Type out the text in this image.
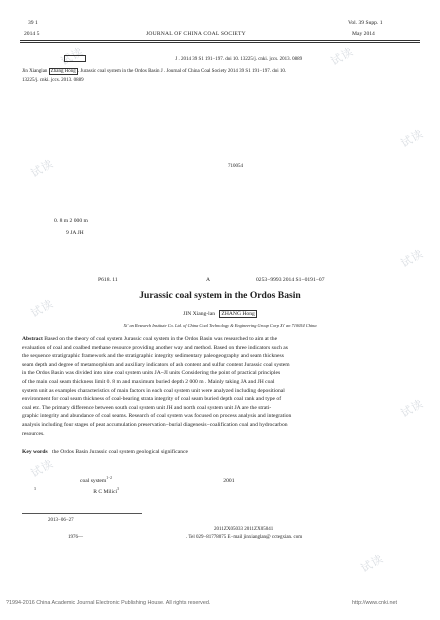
试读	试读
试读
试读
试读
试读
试读
试读
试读
39 1
2014 5	JOURNAL OF CHINA COAL SOCIETY
Vol. 39 Supp. 1
May 2014
J . 2014 39 S1 191−197. doi 10. 13225/j. cnki. jccs. 2013. 0889
Jin Xianglan Zhang Hong . Jurassic coal system in the Ordos Basin J . Journal of China Coal Society 2014 39 S1 191−197. doi 10.
13225/j. cnki. jccs. 2013. 0889
710054
0. 8 m 2 000 m
9 JA JH
P618. 11	A	0253−9993 2014 S1−0191−07
Jurassic coal system in the Ordos Basin
JIN Xiang-lan ZHANG Hong
Xi′ an Research Institute Co. Ltd. of China Coal Technology & Engineering Group Corp Xi′ an 710054 China

Abstract Based on the theory of coal system Jurassic coal system in the Ordos Basin was researched to aim at the

evaluation of coal and coalbed methane resource providing another way and method. Based on three indicators such as

the sequence stratigraphic framework and the stratigraphic integrity sedimentary paleogeography and seam thickness

seam depth and degree of metamorphism and auxiliary indicators of ash content and sulfur content Jurassic coal system

in the Ordos Basin was divided into nine coal system units JA~JI units Considering the point of practical principles

of the main coal seam thickness limit 0. 8 m and maximum buried depth 2 000 m . Mainly taking JA and JH coal

system unit as examples characteristics of main factors in each coal system unit were analyzed including depositional

environment for coal seam thickness of coal-bearing strata integrity of coal seam buried depth coal rank and type of

coal etc. The primary difference between south coal system unit JH and north coal system unit JA are the strati-

graphic integrity and abundance of coal seams. Research of coal system was focused on process analysis and integration

analysis including four stages of peat accumulation preservation−burial diagenesis−coalification coal and hydrocarbon

resources.

Key words the Ordos Basin Jurassic coal system geological significance
coal system$^{1-2}$	2001
$^3$	R C Milici$^3$
2013−06−27
2011ZX05033 2011ZX05041
1976—	. Tel 029−81778075 E−mail jinxianglan@ cctegxian. com
?1994-2016 China Academic Journal Electronic Publishing House. All rights reserved.	http://www.cnki.net
